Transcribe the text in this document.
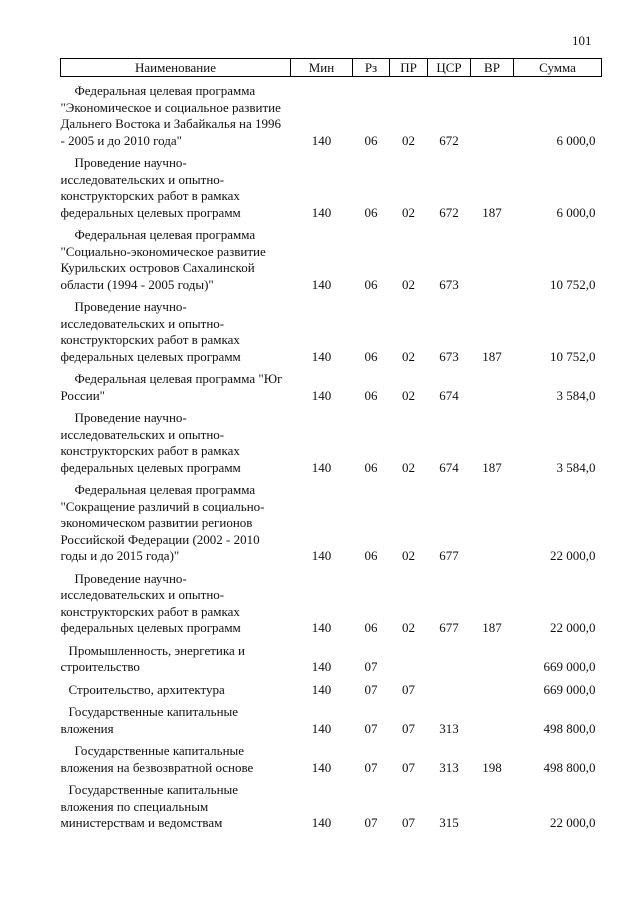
101
Наименование	Мин	Рз	ПР	ЦСР	ВР	Сумма

Федеральная целевая программа "Экономическое и социальное развитие Дальнего Востока и Забайкалья на 1996 - 2005 и до 2010 года"	140	06	02	672		6 000,0

Проведение научно-исследовательских и опытно-конструкторских работ в рамках федеральных целевых программ	140	06	02	672	187	6 000,0

Федеральная целевая программа "Социально-экономическое развитие Курильских островов Сахалинской области (1994 - 2005 годы)"	140	06	02	673		10 752,0

Проведение научно-исследовательских и опытно-конструкторских работ в рамках федеральных целевых программ	140	06	02	673	187	10 752,0

Федеральная целевая программа "Юг России"	140	06	02	674		3 584,0

Проведение научно-исследовательских и опытно-конструкторских работ в рамках федеральных целевых программ	140	06	02	674	187	3 584,0

Федеральная целевая программа "Сокращение различий в социально-экономическом развитии регионов Российской Федерации (2002 - 2010 годы и до 2015 года)"	140	06	02	677		22 000,0

Проведение научно-исследовательских и опытно-конструкторских работ в рамках федеральных целевых программ	140	06	02	677	187	22 000,0

Промышленность, энергетика и строительство	140	07				669 000,0

Строительство, архитектура	140	07	07			669 000,0

Государственные капитальные вложения	140	07	07	313		498 800,0

Государственные капитальные вложения на безвозвратной основе	140	07	07	313	198	498 800,0

Государственные капитальные вложения по специальным министерствам и ведомствам	140	07	07	315		22 000,0
